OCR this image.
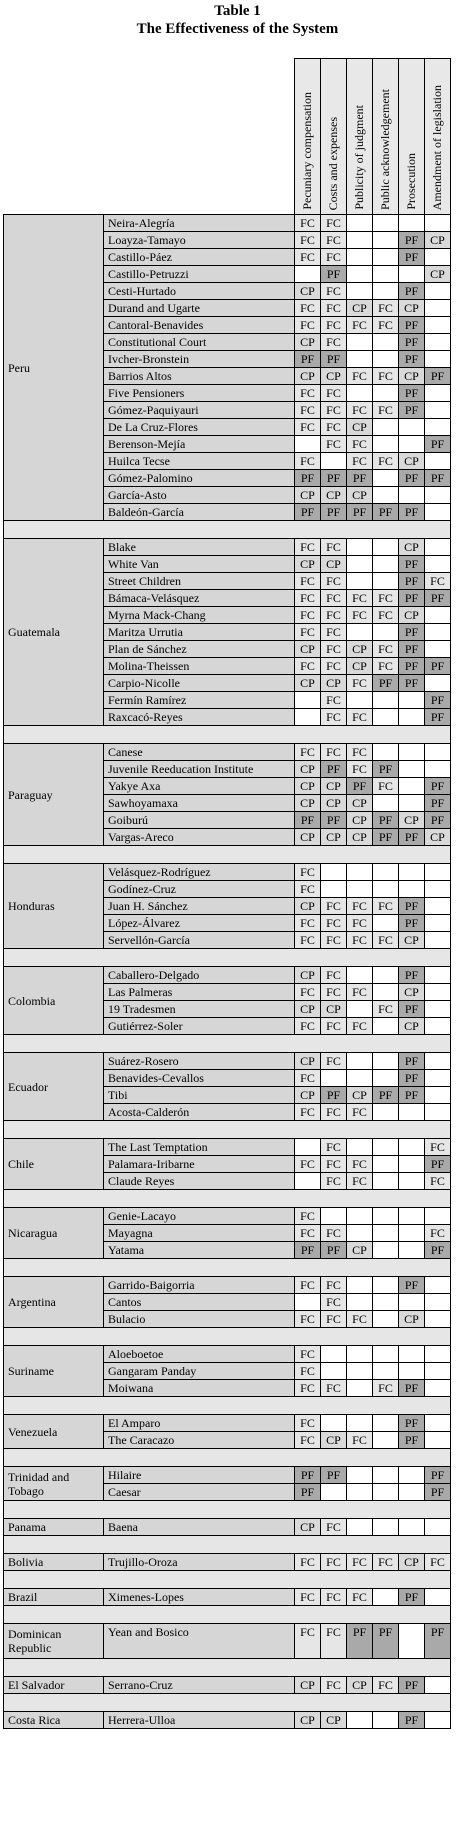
Table 1
The Effectiveness of the System

		Pecuniary compensation	Costs and expenses	Publicity of judgment	Public acknowledgement	Prosecution	Amendment of legislation

Peru	Neira-Alegría	FC	FC				
	Loayza-Tamayo	FC	FC			PF	CP
	Castillo-Páez	FC	FC			PF	
	Castillo-Petruzzi		PF				CP
	Cesti-Hurtado	CP	FC			PF	
	Durand and Ugarte	FC	FC	CP	FC	CP	
	Cantoral-Benavides	FC	FC	FC	FC	PF	
	Constitutional Court	CP	FC			PF	
	Ivcher-Bronstein	PF	PF			PF	
	Barrios Altos	CP	CP	FC	FC	CP	PF
	Five Pensioners	FC	FC			PF	
	Gómez-Paquiyauri	FC	FC	FC	FC	PF	
	De La Cruz-Flores	FC	FC	CP			
	Berenson-Mejía		FC	FC			PF
	Huilca Tecse	FC		FC	FC	CP	
	Gómez-Palomino	PF	PF	PF		PF	PF
	García-Asto	CP	CP	CP			
	Baldeón-García	PF	PF	PF	PF	PF	

Guatemala	Blake	FC	FC			CP	
	White Van	CP	CP			PF	
	Street Children	FC	FC			PF	FC
	Bámaca-Velásquez	FC	FC	FC	FC	PF	PF
	Myrna Mack-Chang	FC	FC	FC	FC	CP	
	Maritza Urrutia	FC	FC			PF	
	Plan de Sánchez	CP	FC	CP	FC	PF	
	Molina-Theissen	FC	FC	CP	FC	PF	PF
	Carpio-Nicolle	CP	CP	FC	PF	PF	
	Fermín Ramírez		FC				PF
	Raxcacó-Reyes		FC	FC			PF

Paraguay	Canese	FC	FC	FC			
	Juvenile Reeducation Institute	CP	PF	FC	PF		
	Yakye Axa	CP	CP	PF	FC		PF
	Sawhoyamaxa	CP	CP	CP			PF
	Goiburú	PF	PF	CP	PF	CP	PF
	Vargas-Areco	CP	CP	CP	PF	PF	CP

Honduras	Velásquez-Rodríguez	FC					
	Godínez-Cruz	FC					
	Juan H. Sánchez	CP	FC	FC	FC	PF	
	López-Álvarez	FC	FC	FC		PF	
	Servellón-García	FC	FC	FC	FC	CP	

Colombia	Caballero-Delgado	CP	FC			PF	
	Las Palmeras	FC	FC	FC		CP	
	19 Tradesmen	CP	CP		FC	PF	
	Gutiérrez-Soler	FC	FC	FC		CP	

Ecuador	Suárez-Rosero	CP	FC			PF	
	Benavides-Cevallos	FC				PF	
	Tibi	CP	PF	CP	PF	PF	
	Acosta-Calderón	FC	FC	FC			

Chile	The Last Temptation		FC				FC
	Palamara-Iribarne	FC	FC	FC			PF
	Claude Reyes		FC	FC			FC

Nicaragua	Genie-Lacayo	FC					
	Mayagna	FC	FC				FC
	Yatama	PF	PF	CP			PF

Argentina	Garrido-Baigorria	FC	FC			PF	
	Cantos		FC				
	Bulacio	FC	FC	FC		CP	

Suriname	Aloeboetoe	FC					
	Gangaram Panday	FC					
	Moiwana	FC	FC		FC	PF	

Venezuela	El Amparo	FC				PF	
	The Caracazo	FC	CP	FC		PF	

Trinidad and Tobago	Hilaire	PF	PF				PF
	Caesar	PF					PF

Panama	Baena	CP	FC				

Bolivia	Trujillo-Oroza	FC	FC	FC	FC	CP	FC

Brazil	Ximenes-Lopes	FC	FC	FC		PF	

Dominican Republic	Yean and Bosico	FC	FC	PF	PF		PF

El Salvador	Serrano-Cruz	CP	FC	CP	FC	PF	

Costa Rica	Herrera-Ulloa	CP	CP			PF	
